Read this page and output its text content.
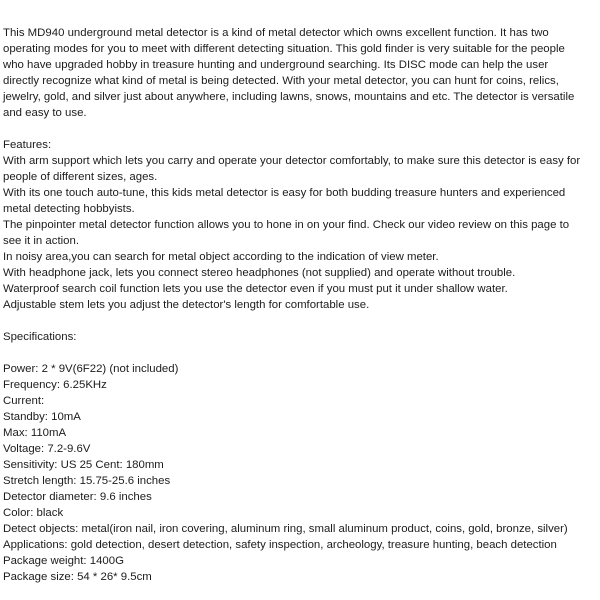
This MD940 underground metal detector is a kind of metal detector which owns excellent function. It has two
operating modes for you to meet with different detecting situation. This gold finder is very suitable for the people
who have upgraded hobby in treasure hunting and underground searching. Its DISC mode can help the user
directly recognize what kind of metal is being detected. With your metal detector, you can hunt for coins, relics,
jewelry, gold, and silver just about anywhere, including lawns, snows, mountains and etc. The detector is versatile
and easy to use.
Features:
With arm support which lets you carry and operate your detector comfortably, to make sure this detector is easy for
people of different sizes, ages.
With its one touch auto-tune, this kids metal detector is easy for both budding treasure hunters and experienced
metal detecting hobbyists.
The pinpointer metal detector function allows you to hone in on your find. Check our video review on this page to
see it in action.
In noisy area,you can search for metal object according to the indication of view meter.
With headphone jack, lets you connect stereo headphones (not supplied) and operate without trouble.
Waterproof search coil function lets you use the detector even if you must put it under shallow water.
Adjustable stem lets you adjust the detector's length for comfortable use.
Specifications:
Power: 2 * 9V(6F22) (not included)
Frequency: 6.25KHz
Current:
Standby: 10mA
Max: 110mA
Voltage: 7.2-9.6V
Sensitivity: US 25 Cent: 180mm
Stretch length: 15.75-25.6 inches
Detector diameter: 9.6 inches
Color: black
Detect objects: metal(iron nail, iron covering, aluminum ring, small aluminum product, coins, gold, bronze, silver)
Applications: gold detection, desert detection, safety inspection, archeology, treasure hunting, beach detection
Package weight: 1400G
Package size: 54 * 26* 9.5cm
